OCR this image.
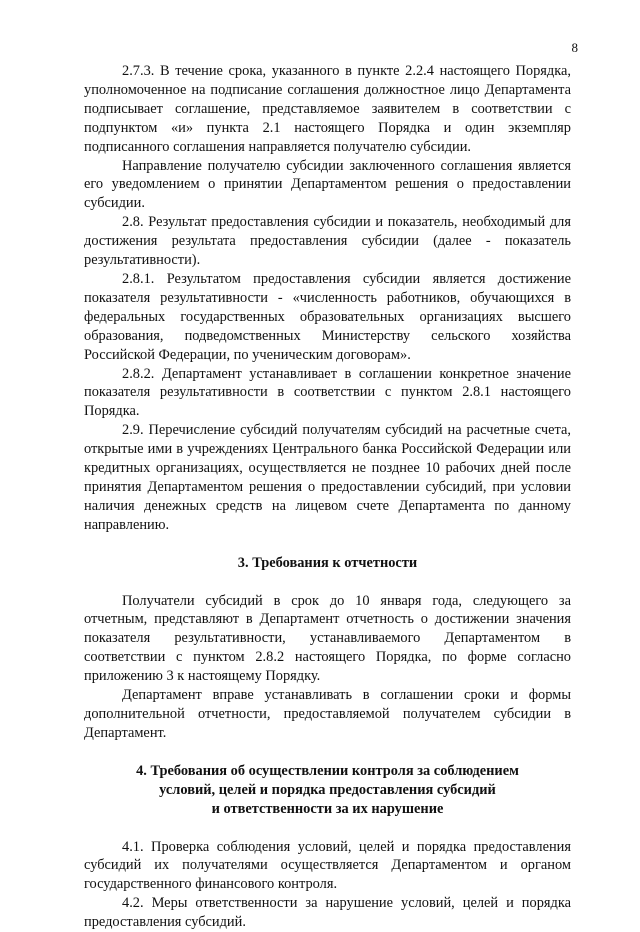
8

2.7.3. В течение срока, указанного в пункте 2.2.4 настоящего Порядка, уполномоченное на подписание соглашения должностное лицо Департамента подписывает соглашение, представляемое заявителем в соответствии с подпунктом «и» пункта 2.1 настоящего Порядка и один экземпляр подписанного соглашения направляется получателю субсидии.

Направление получателю субсидии заключенного соглашения является его уведомлением о принятии Департаментом решения о предоставлении субсидии.

2.8. Результат предоставления субсидии и показатель, необходимый для достижения результата предоставления субсидии (далее - показатель результативности).

2.8.1. Результатом предоставления субсидии является достижение показателя результативности - «численность работников, обучающихся в федеральных государственных образовательных организациях высшего образования, подведомственных Министерству сельского хозяйства Российской Федерации, по ученическим договорам».

2.8.2. Департамент устанавливает в соглашении конкретное значение показателя результативности в соответствии с пунктом 2.8.1 настоящего Порядка.

2.9. Перечисление субсидий получателям субсидий на расчетные счета, открытые ими в учреждениях Центрального банка Российской Федерации или кредитных организациях, осуществляется не позднее 10 рабочих дней после принятия Департаментом решения о предоставлении субсидий, при условии наличия денежных средств на лицевом счете Департамента по данному направлению.

3. Требования к отчетности

Получатели субсидий в срок до 10 января года, следующего за отчетным, представляют в Департамент отчетность о достижении значения показателя результативности, устанавливаемого Департаментом в соответствии с пунктом 2.8.2 настоящего Порядка, по форме согласно приложению 3 к настоящему Порядку.

Департамент вправе устанавливать в соглашении сроки и формы дополнительной отчетности, предоставляемой получателем субсидии в Департамент.

4. Требования об осуществлении контроля за соблюдением
условий, целей и порядка предоставления субсидий
и ответственности за их нарушение

4.1. Проверка соблюдения условий, целей и порядка предоставления субсидий их получателями осуществляется Департаментом и органом государственного финансового контроля.

4.2. Меры ответственности за нарушение условий, целей и порядка предоставления субсидий.
